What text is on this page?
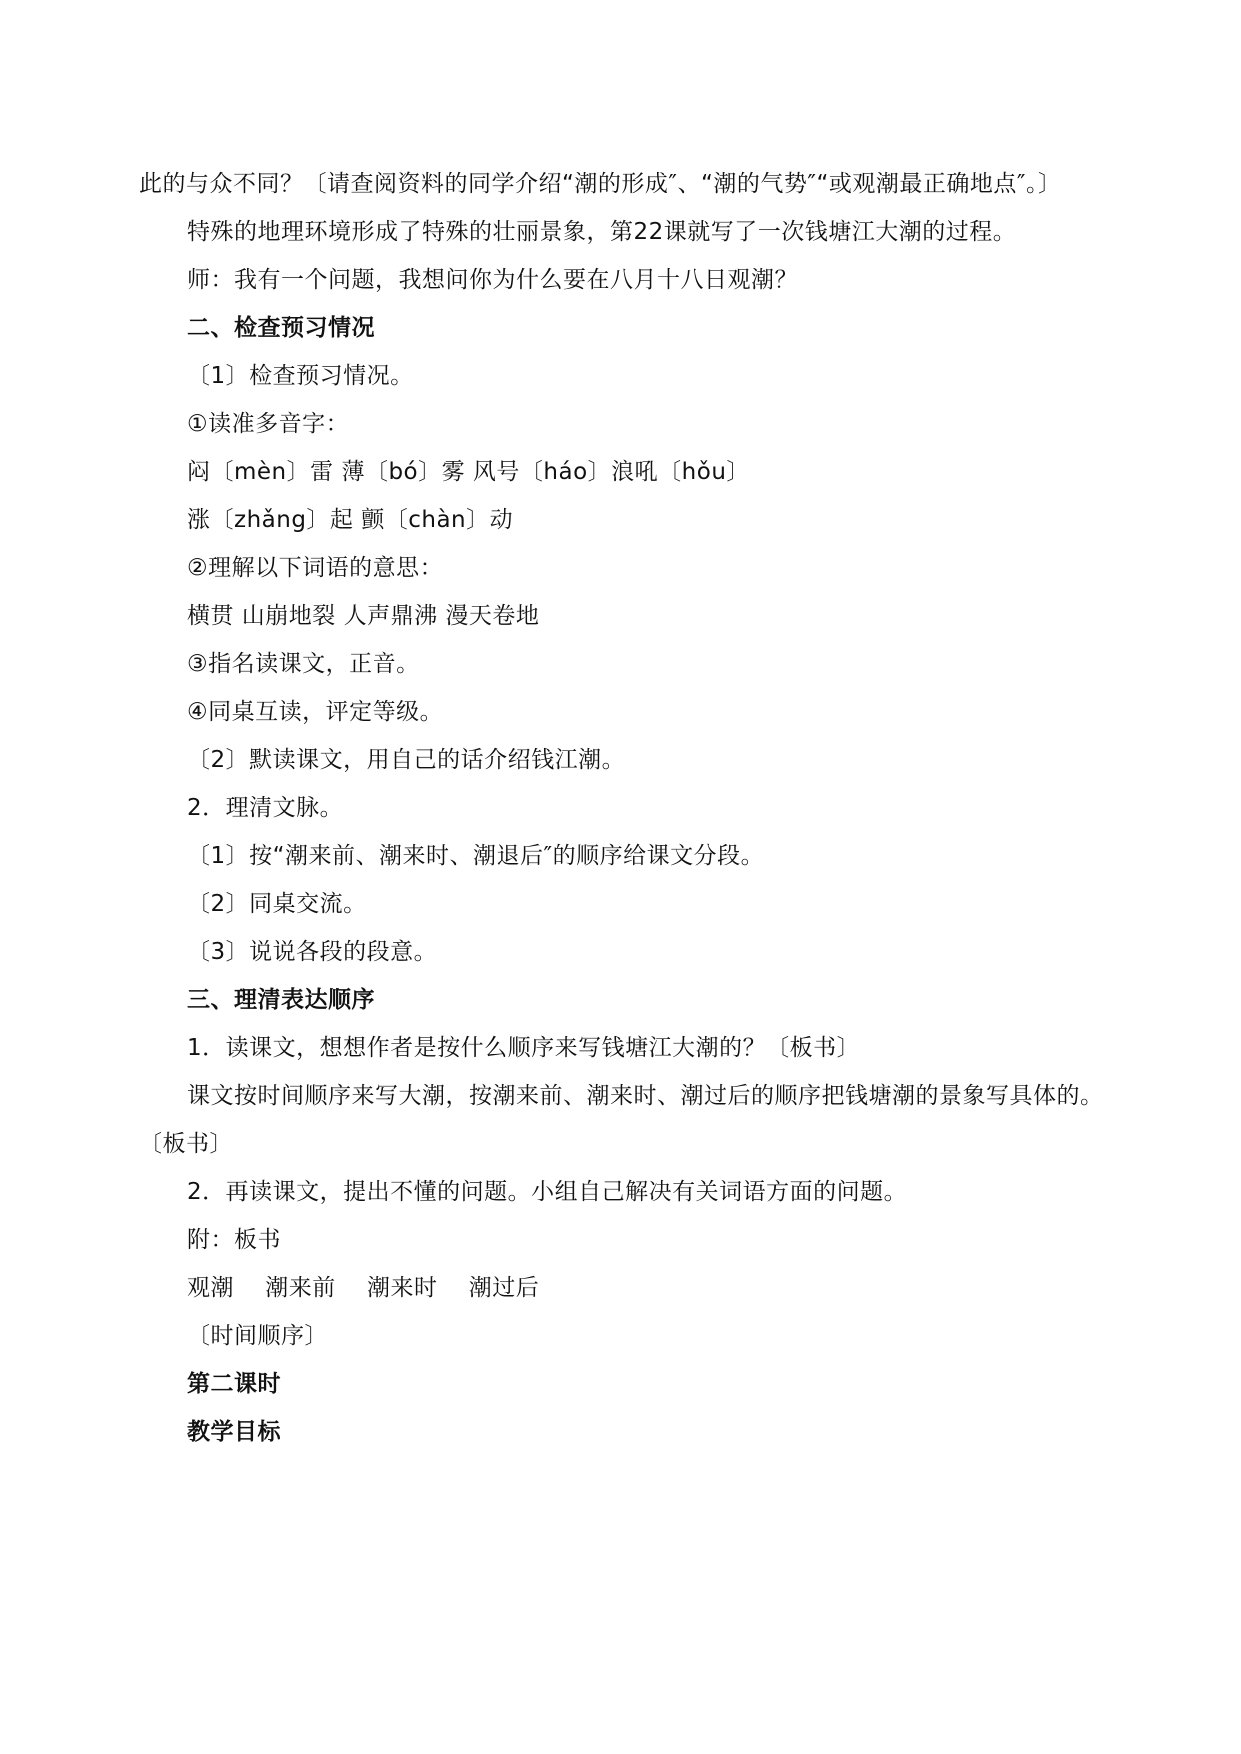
此的与众不同？〔请查阅资料的同学介绍“潮的形成″、“潮的气势″“或观潮最正确地点″。〕

特殊的地理环境形成了特殊的壮丽景象，第22课就写了一次钱塘江大潮的过程。

师：我有一个问题，我想问你为什么要在八月十八日观潮？

二、检查预习情况

〔1〕检查预习情况。

①读准多音字：

闷〔mèn〕雷 薄〔bó〕雾 风号〔háo〕浪吼〔hǒu〕

涨〔zhǎng〕起 颤〔chàn〕动

②理解以下词语的意思：

横贯 山崩地裂 人声鼎沸 漫天卷地

③指名读课文，正音。

④同桌互读，评定等级。

〔2〕默读课文，用自己的话介绍钱江潮。

2．理清文脉。

〔1〕按“潮来前、潮来时、潮退后″的顺序给课文分段。

〔2〕同桌交流。

〔3〕说说各段的段意。

三、理清表达顺序

1．读课文，想想作者是按什么顺序来写钱塘江大潮的？〔板书〕

课文按时间顺序来写大潮，按潮来前、潮来时、潮过后的顺序把钱塘潮的景象写具体的。〔板书〕

2．再读课文，提出不懂的问题。小组自己解决有关词语方面的问题。

附：板书

观潮    潮来前    潮来时    潮过后

〔时间顺序〕

第二课时

教学目标
